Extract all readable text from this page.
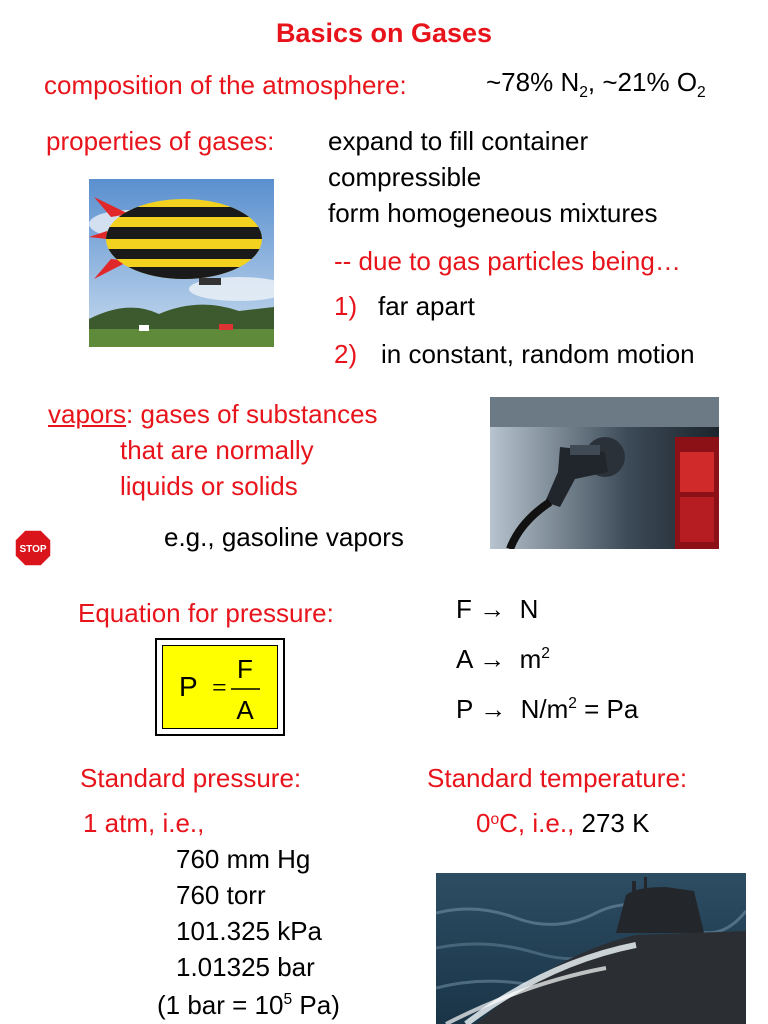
Basics on Gases
composition of the atmosphere:	~78% $N_2$, ~21% $O_2$
properties of gases: expand to fill container
compressible
form homogeneous mixtures
-- due to gas particles being…
1) far apart
2) in constant, random motion
vapors: gases of substances
that are normally
liquids or solids
e.g., gasoline vapors
STOP
Equation for pressure:
P =
F
A
F → N
$A \to m^2$
$P \to N/m^2 = Pa$
Standard pressure:
1 atm, i.e.,
760 mm Hg
760 torr
101.325 kPa
1.01325 bar
(1 bar = $10^5$ Pa)
Standard temperature:
0$^o$C, i.e., 273 K
